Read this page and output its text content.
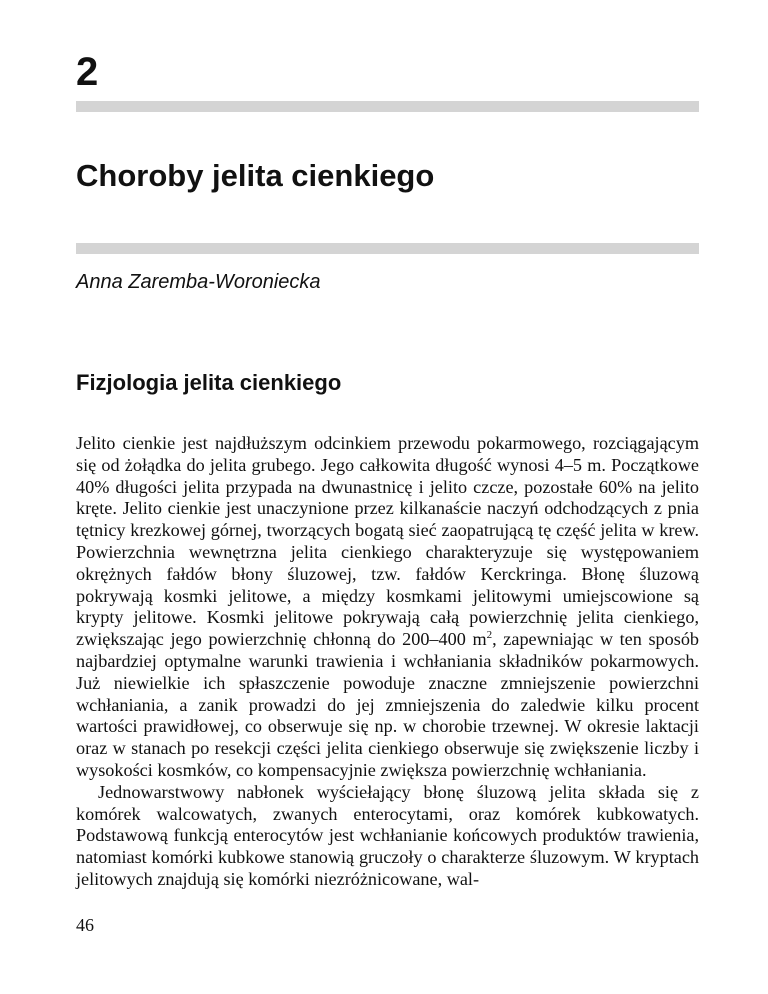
2
Choroby jelita cienkiego
Anna Zaremba-Woroniecka
Fizjologia jelita cienkiego

Jelito cienkie jest najdłuższym odcinkiem przewodu pokarmowego, rozciągającym się od żołądka do jelita grubego. Jego całkowita długość wynosi 4–5 m. Początkowe 40% długości jelita przypada na dwunastnicę i jelito czcze, pozostałe 60% na jelito kręte. Jelito cienkie jest unaczynione przez kilkanaście naczyń odchodzących z pnia tętnicy krezkowej górnej, tworzących bogatą sieć zaopatrującą tę część jelita w krew. Powierzchnia wewnętrzna jelita cienkiego charakteryzuje się występowaniem okrężnych fałdów błony śluzowej, tzw. fałdów Kerckringa. Błonę śluzową pokrywają kosmki jelitowe, a między kosmkami jelitowymi umiejscowione są krypty jelitowe. Kosmki jelitowe pokrywają całą powierzchnię jelita cienkiego, zwiększając jego powierzchnię chłonną do 200–400 $m^2$, zapewniając w ten sposób najbardziej optymalne warunki trawienia i wchłaniania składników pokarmowych. Już niewielkie ich spłaszczenie powoduje znaczne zmniejszenie powierzchni wchłaniania, a zanik prowadzi do jej zmniejszenia do zaledwie kilku procent wartości prawidłowej, co obserwuje się np. w chorobie trzewnej. W okresie laktacji oraz w stanach po resekcji części jelita cienkiego obserwuje się zwiększenie liczby i wysokości kosmków, co kompensacyjnie zwiększa powierzchnię wchłaniania.

Jednowarstwowy nabłonek wyściełający błonę śluzową jelita składa się z komórek walcowatych, zwanych enterocytami, oraz komórek kubkowatych. Podstawową funkcją enterocytów jest wchłanianie końcowych produktów trawienia, natomiast komórki kubkowe stanowią gruczoły o charakterze śluzowym. W kryptach jelitowych znajdują się komórki niezróżnicowane, wal-

46
